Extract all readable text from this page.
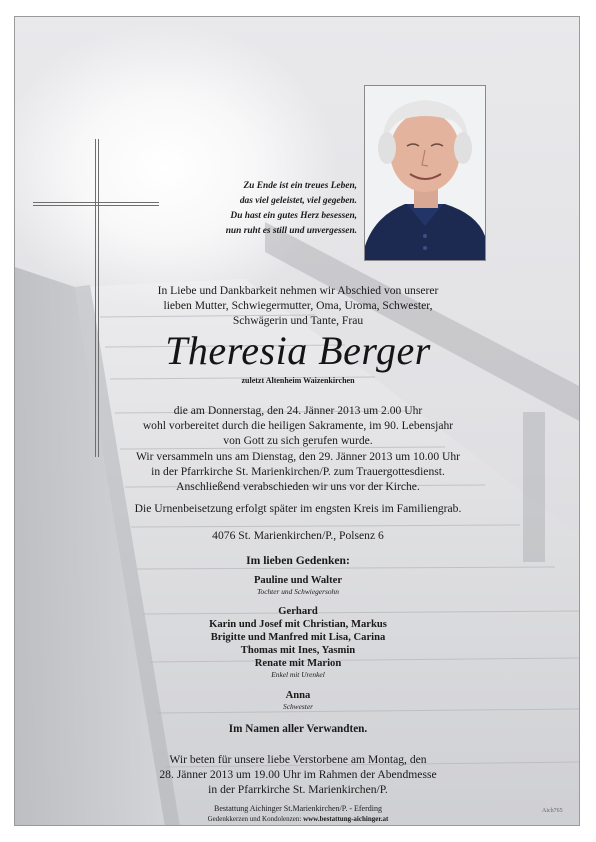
Zu Ende ist ein treues Leben,
das viel geleistet, viel gegeben.
Du hast ein gutes Herz besessen,
nun ruht es still und unvergessen.
In Liebe und Dankbarkeit nehmen wir Abschied von unserer
lieben Mutter, Schwiegermutter, Oma, Uroma, Schwester,
Schwägerin und Tante, Frau
Theresia Berger
zuletzt Altenheim Waizenkirchen
die am Donnerstag, den 24. Jänner 2013 um 2.00 Uhr
wohl vorbereitet durch die heiligen Sakramente, im 90. Lebensjahr
von Gott zu sich gerufen wurde.
Wir versammeln uns am Dienstag, den 29. Jänner 2013 um 10.00 Uhr
in der Pfarrkirche St. Marienkirchen/P. zum Trauergottesdienst.
Anschließend verabschieden wir uns vor der Kirche.
Die Urnenbeisetzung erfolgt später im engsten Kreis im Familiengrab.
4076 St. Marienkirchen/P., Polsenz 6
Im lieben Gedenken:
Pauline und Walter
Tochter und Schwiegersohn
Gerhard
Karin und Josef mit Christian, Markus
Brigitte und Manfred mit Lisa, Carina
Thomas mit Ines, Yasmin
Renate mit Marion
Enkel mit Urenkel
Anna
Schwester
Im Namen aller Verwandten.
Wir beten für unsere liebe Verstorbene am Montag, den
28. Jänner 2013 um 19.00 Uhr im Rahmen der Abendmesse
in der Pfarrkirche St. Marienkirchen/P.
Bestattung Aichinger St.Marienkirchen/P. - Eferding
Gedenkkerzen und Kondolenzen: www.bestattung-aichinger.at
Aich765
